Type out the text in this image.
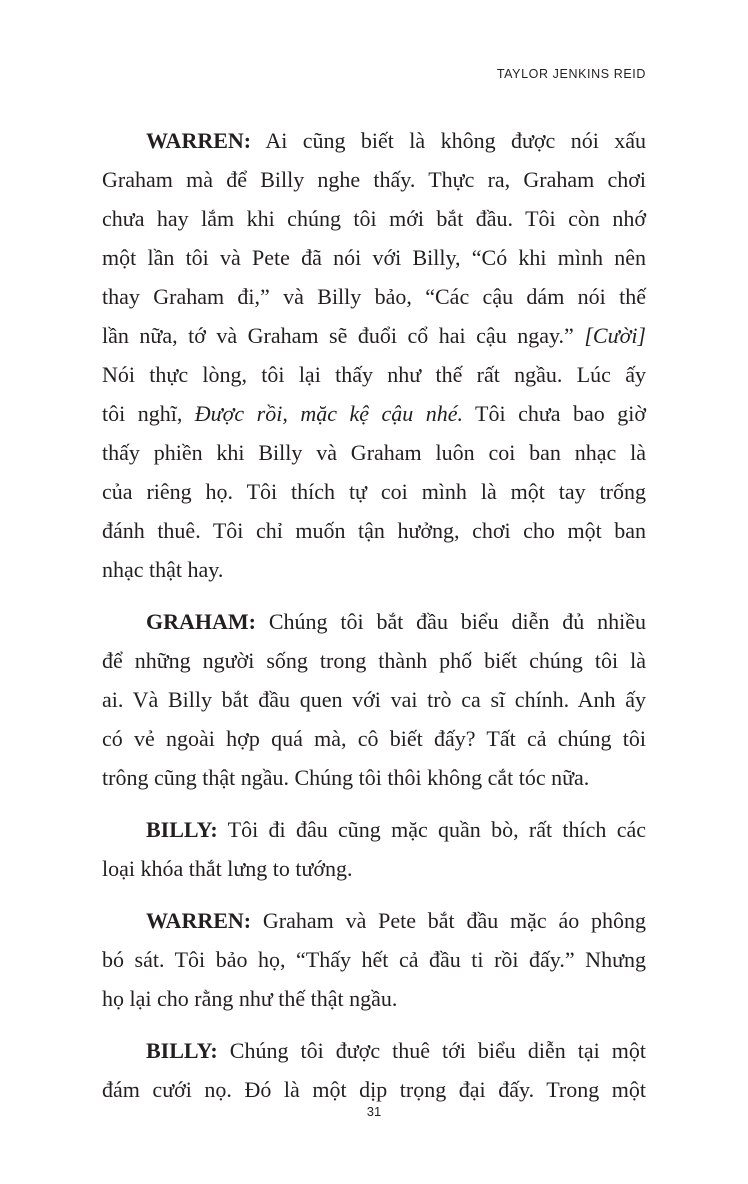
TAYLOR JENKINS REID

WARREN: Ai cũng biết là không được nói xấu
Graham mà để Billy nghe thấy. Thực ra, Graham chơi
chưa hay lắm khi chúng tôi mới bắt đầu. Tôi còn nhớ
một lần tôi và Pete đã nói với Billy, “Có khi mình nên
thay Graham đi,” và Billy bảo, “Các cậu dám nói thế
lần nữa, tớ và Graham sẽ đuổi cổ hai cậu ngay.” [Cười]
Nói thực lòng, tôi lại thấy như thế rất ngầu. Lúc ấy
tôi nghĩ, Được rồi, mặc kệ cậu nhé. Tôi chưa bao giờ
thấy phiền khi Billy và Graham luôn coi ban nhạc là
của riêng họ. Tôi thích tự coi mình là một tay trống
đánh thuê. Tôi chỉ muốn tận hưởng, chơi cho một ban
nhạc thật hay.

GRAHAM: Chúng tôi bắt đầu biểu diễn đủ nhiều
để những người sống trong thành phố biết chúng tôi là
ai. Và Billy bắt đầu quen với vai trò ca sĩ chính. Anh ấy
có vẻ ngoài hợp quá mà, cô biết đấy? Tất cả chúng tôi
trông cũng thật ngầu. Chúng tôi thôi không cắt tóc nữa.

BILLY: Tôi đi đâu cũng mặc quần bò, rất thích các
loại khóa thắt lưng to tướng.

WARREN: Graham và Pete bắt đầu mặc áo phông
bó sát. Tôi bảo họ, “Thấy hết cả đầu ti rồi đấy.” Nhưng
họ lại cho rằng như thế thật ngầu.

BILLY: Chúng tôi được thuê tới biểu diễn tại một
đám cưới nọ. Đó là một dịp trọng đại đấy. Trong một

31
